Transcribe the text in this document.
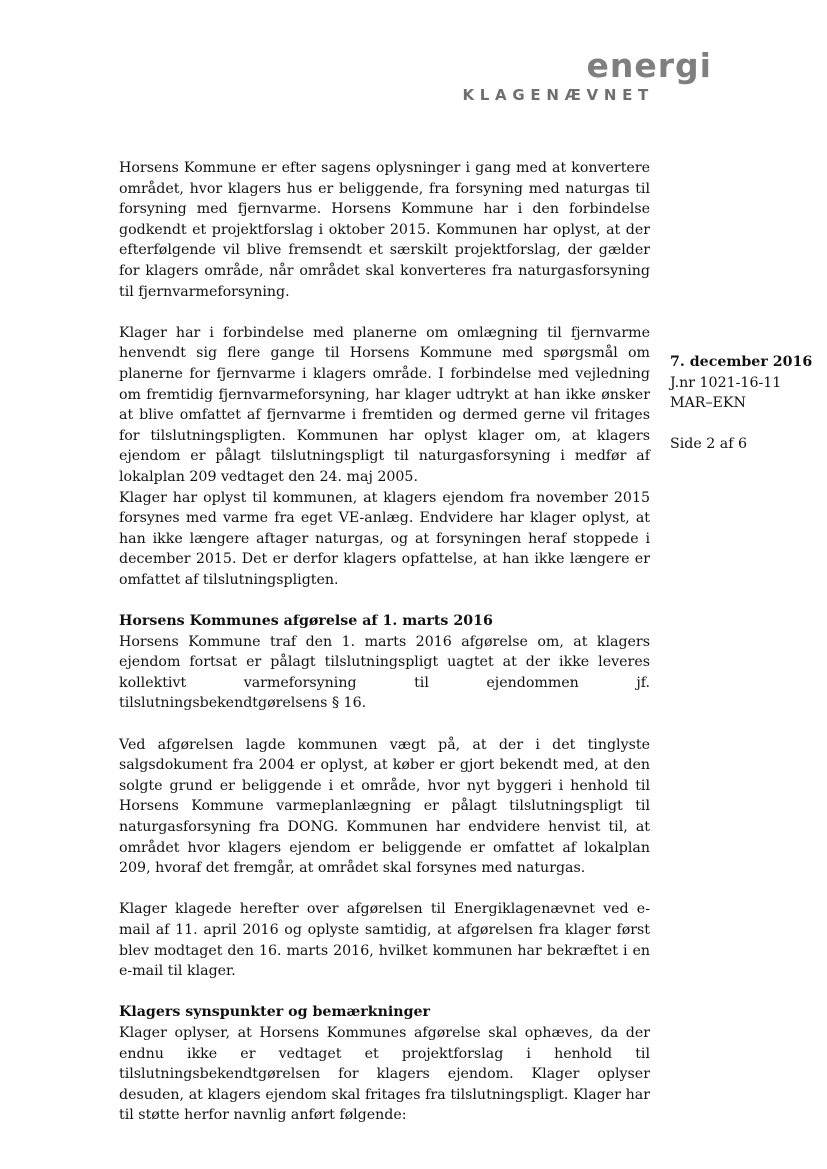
energi
KLAGENÆVNET
7. december 2016
J.nr 1021-16-11
MAR–EKN
Side 2 af 6

Horsens Kommune er efter sagens oplysninger i gang med at konvertere området, hvor klagers hus er beliggende, fra forsyning med naturgas til forsyning med fjernvarme. Horsens Kommune har i den forbindelse godkendt et projektforslag i oktober 2015. Kommunen har oplyst, at der efterfølgende vil blive fremsendt et særskilt projektforslag, der gælder for klagers område, når området skal konverteres fra naturgasforsyning til fjernvarmeforsyning.

Klager har i forbindelse med planerne om omlægning til fjernvarme henvendt sig flere gange til Horsens Kommune med spørgsmål om planerne for fjernvarme i klagers område. I forbindelse med vejledning om fremtidig fjernvarmeforsyning, har klager udtrykt at han ikke ønsker at blive omfattet af fjernvarme i fremtiden og dermed gerne vil fritages for tilslutningspligten. Kommunen har oplyst klager om, at klagers ejendom er pålagt tilslutningspligt til naturgasforsyning i medfør af lokalplan 209 vedtaget den 24. maj 2005.

Klager har oplyst til kommunen, at klagers ejendom fra november 2015 forsynes med varme fra eget VE-anlæg. Endvidere har klager oplyst, at han ikke længere aftager naturgas, og at forsyningen heraf stoppede i december 2015. Det er derfor klagers opfattelse, at han ikke længere er omfattet af tilslutningspligten.

Horsens Kommunes afgørelse af 1. marts 2016

Horsens Kommune traf den 1. marts 2016 afgørelse om, at klagers ejendom fortsat er pålagt tilslutningspligt uagtet at der ikke leveres kollektivt varmeforsyning til ejendommen jf. tilslutningsbekendtgørelsens § 16.

Ved afgørelsen lagde kommunen vægt på, at der i det tinglyste salgsdokument fra 2004 er oplyst, at køber er gjort bekendt med, at den solgte grund er beliggende i et område, hvor nyt byggeri i henhold til Horsens Kommune varmeplanlægning er pålagt tilslutningspligt til naturgasforsyning fra DONG. Kommunen har endvidere henvist til, at området hvor klagers ejendom er beliggende er omfattet af lokalplan 209, hvoraf det fremgår, at området skal forsynes med naturgas.

Klager klagede herefter over afgørelsen til Energiklagenævnet ved e-mail af 11. april 2016 og oplyste samtidig, at afgørelsen fra klager først blev modtaget den 16. marts 2016, hvilket kommunen har bekræftet i en e-mail til klager.

Klagers synspunkter og bemærkninger

Klager oplyser, at Horsens Kommunes afgørelse skal ophæves, da der endnu ikke er vedtaget et projektforslag i henhold til tilslutningsbekendtgørelsen for klagers ejendom. Klager oplyser desuden, at klagers ejendom skal fritages fra tilslutningspligt. Klager har til støtte herfor navnlig anført følgende:
